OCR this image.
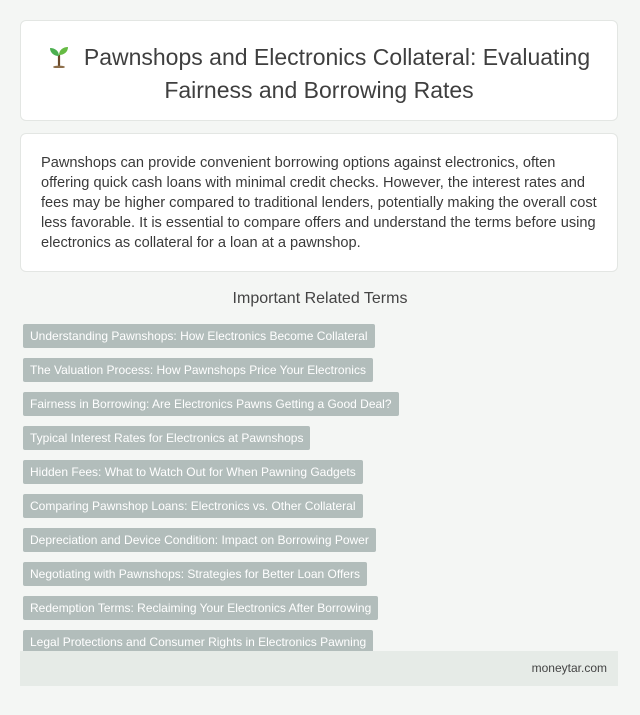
Pawnshops and Electronics Collateral: Evaluating Fairness and Borrowing Rates

Pawnshops can provide convenient borrowing options against electronics, often offering quick cash loans with minimal credit checks. However, the interest rates and fees may be higher compared to traditional lenders, potentially making the overall cost less favorable. It is essential to compare offers and understand the terms before using electronics as collateral for a loan at a pawnshop.

Important Related Terms
Understanding Pawnshops: How Electronics Become Collateral
The Valuation Process: How Pawnshops Price Your Electronics
Fairness in Borrowing: Are Electronics Pawns Getting a Good Deal?
Typical Interest Rates for Electronics at Pawnshops
Hidden Fees: What to Watch Out for When Pawning Gadgets
Comparing Pawnshop Loans: Electronics vs. Other Collateral
Depreciation and Device Condition: Impact on Borrowing Power
Negotiating with Pawnshops: Strategies for Better Loan Offers
Redemption Terms: Reclaiming Your Electronics After Borrowing
Legal Protections and Consumer Rights in Electronics Pawning
moneytar.com
